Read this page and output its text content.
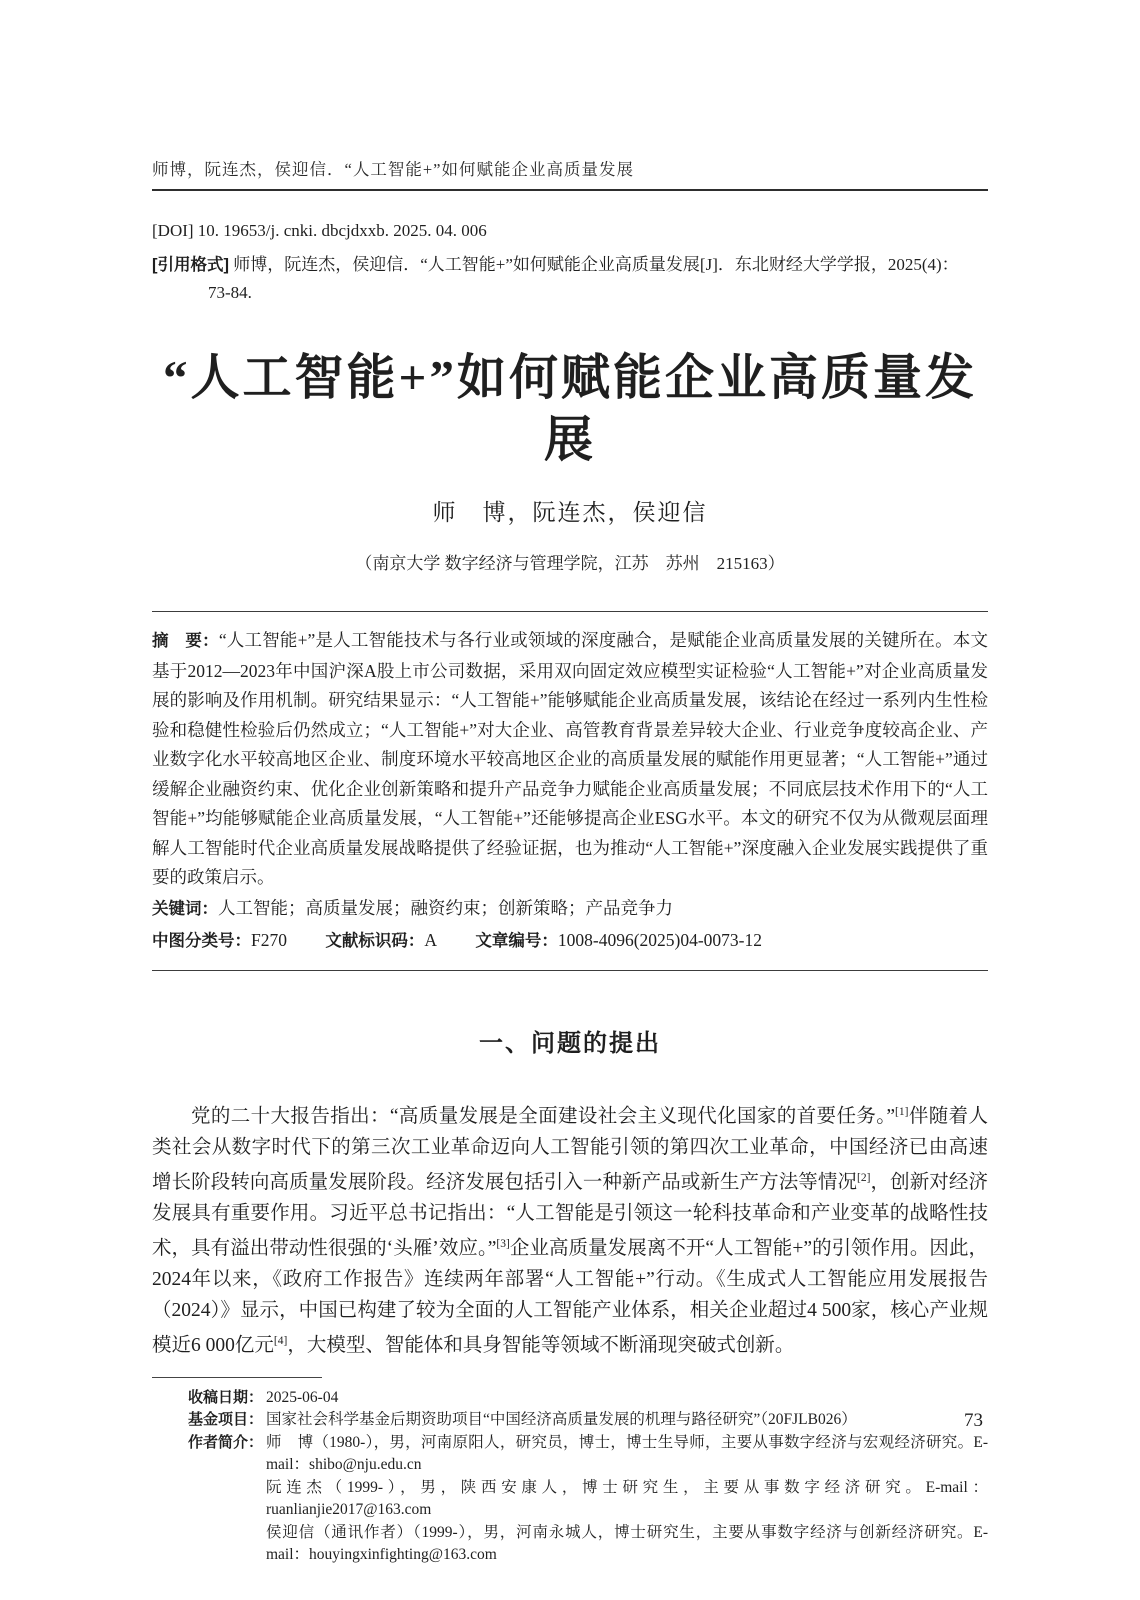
师博，阮连杰，侯迎信．“人工智能+”如何赋能企业高质量发展
[DOI] 10. 19653/j. cnki. dbcjdxxb. 2025. 04. 006
[引用格式] 师博，阮连杰，侯迎信．“人工智能+”如何赋能企业高质量发展[J]．东北财经大学学报，2025(4)：
73-84.
“人工智能+”如何赋能企业高质量发展
师　博，阮连杰，侯迎信
（南京大学 数字经济与管理学院，江苏　苏州　215163）
摘　要：“人工智能+”是人工智能技术与各行业或领域的深度融合，是赋能企业高质量发展的关键所在。本文基于2012—2023年中国沪深A股上市公司数据，采用双向固定效应模型实证检验“人工智能+”对企业高质量发展的影响及作用机制。研究结果显示：“人工智能+”能够赋能企业高质量发展，该结论在经过一系列内生性检验和稳健性检验后仍然成立；“人工智能+”对大企业、高管教育背景差异较大企业、行业竞争度较高企业、产业数字化水平较高地区企业、制度环境水平较高地区企业的高质量发展的赋能作用更显著；“人工智能+”通过缓解企业融资约束、优化企业创新策略和提升产品竞争力赋能企业高质量发展；不同底层技术作用下的“人工智能+”均能够赋能企业高质量发展，“人工智能+”还能够提高企业ESG水平。本文的研究不仅为从微观层面理解人工智能时代企业高质量发展战略提供了经验证据，也为推动“人工智能+”深度融入企业发展实践提供了重要的政策启示。
关键词：人工智能；高质量发展；融资约束；创新策略；产品竞争力
中图分类号：F270 文献标识码：A 文章编号：1008-4096(2025)04-0073-12
一、问题的提出

党的二十大报告指出：“高质量发展是全面建设社会主义现代化国家的首要任务。”[1]伴随着人类社会从数字时代下的第三次工业革命迈向人工智能引领的第四次工业革命，中国经济已由高速增长阶段转向高质量发展阶段。经济发展包括引入一种新产品或新生产方法等情况[2]，创新对经济发展具有重要作用。习近平总书记指出：“人工智能是引领这一轮科技革命和产业变革的战略性技术，具有溢出带动性很强的‘头雁’效应。”[3]企业高质量发展离不开“人工智能+”的引领作用。因此，2024年以来，《政府工作报告》连续两年部署“人工智能+”行动。《生成式人工智能应用发展报告（2024）》显示，中国已构建了较为全面的人工智能产业体系，相关企业超过4 500家，核心产业规模近6 000亿元[4]，大模型、智能体和具身智能等领域不断涌现突破式创新。

收稿日期： 2025-06-04
基金项目： 国家社会科学基金后期资助项目“中国经济高质量发展的机理与路径研究”（20FJLB026）
作者简介： 师　博（1980-），男，河南原阳人，研究员，博士，博士生导师，主要从事数字经济与宏观经济研究。E-mail：shibo@nju.edu.cn

阮连杰（1999-），男，陕西安康人，博士研究生，主要从事数字经济研究。E-mail：ruanlianjie2017@163.com

侯迎信（通讯作者）（1999-），男，河南永城人，博士研究生，主要从事数字经济与创新经济研究。E-mail：houyingxinfighting@163.com

73
